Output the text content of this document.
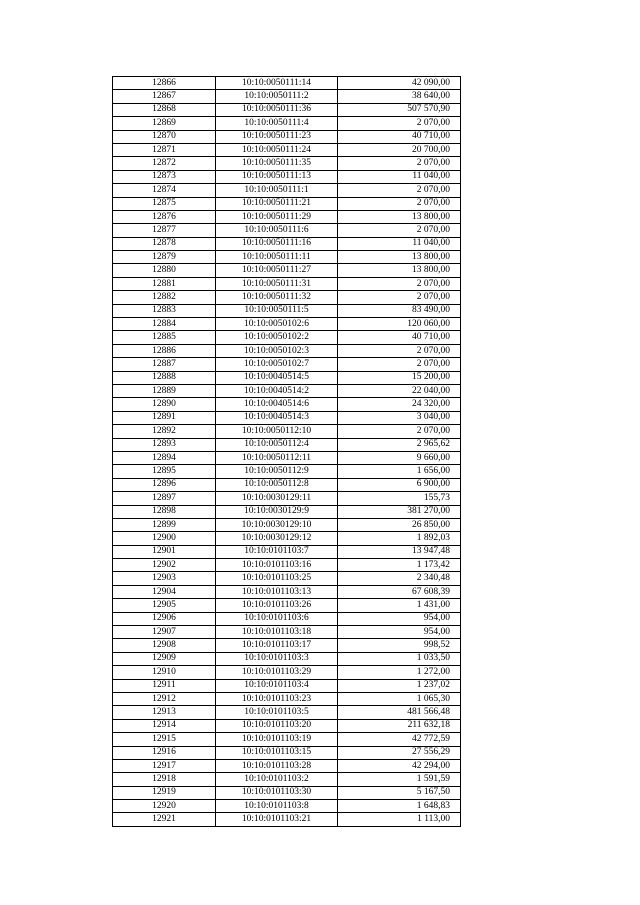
12866	10:10:0050111:14	42 090,00
12867	10:10:0050111:2	38 640,00
12868	10:10:0050111:36	507 570,90
12869	10:10:0050111:4	2 070,00
12870	10:10:0050111:23	40 710,00
12871	10:10:0050111:24	20 700,00
12872	10:10:0050111:35	2 070,00
12873	10:10:0050111:13	11 040,00
12874	10:10:0050111:1	2 070,00
12875	10:10:0050111:21	2 070,00
12876	10:10:0050111:29	13 800,00
12877	10:10:0050111:6	2 070,00
12878	10:10:0050111:16	11 040,00
12879	10:10:0050111:11	13 800,00
12880	10:10:0050111:27	13 800,00
12881	10:10:0050111:31	2 070,00
12882	10:10:0050111:32	2 070,00
12883	10:10:0050111:5	83 490,00
12884	10:10:0050102:6	120 060,00
12885	10:10:0050102:2	40 710,00
12886	10:10:0050102:3	2 070,00
12887	10:10:0050102:7	2 070,00
12888	10:10:0040514:5	15 200,00
12889	10:10:0040514:2	22 040,00
12890	10:10:0040514:6	24 320,00
12891	10:10:0040514:3	3 040,00
12892	10:10:0050112:10	2 070,00
12893	10:10:0050112:4	2 965,62
12894	10:10:0050112:11	9 660,00
12895	10:10:0050112:9	1 656,00
12896	10:10:0050112:8	6 900,00
12897	10:10:0030129:11	155,73
12898	10:10:0030129:9	381 270,00
12899	10:10:0030129:10	26 850,00
12900	10:10:0030129:12	1 892,03
12901	10:10:0101103:7	13 947,48
12902	10:10:0101103:16	1 173,42
12903	10:10:0101103:25	2 340,48
12904	10:10:0101103:13	67 608,39
12905	10:10:0101103:26	1 431,00
12906	10:10:0101103:6	954,00
12907	10:10:0101103:18	954,00
12908	10:10:0101103:17	998,52
12909	10:10:0101103:3	1 033,50
12910	10:10:0101103:29	1 272,00
12911	10:10:0101103:4	1 237,02
12912	10:10:0101103:23	1 065,30
12913	10:10:0101103:5	481 566,48
12914	10:10:0101103:20	211 632,18
12915	10:10:0101103:19	42 772,59
12916	10:10:0101103:15	27 556,29
12917	10:10:0101103:28	42 294,00
12918	10:10:0101103:2	1 591,59
12919	10:10:0101103:30	5 167,50
12920	10:10:0101103:8	1 648,83
12921	10:10:0101103:21	1 113,00
